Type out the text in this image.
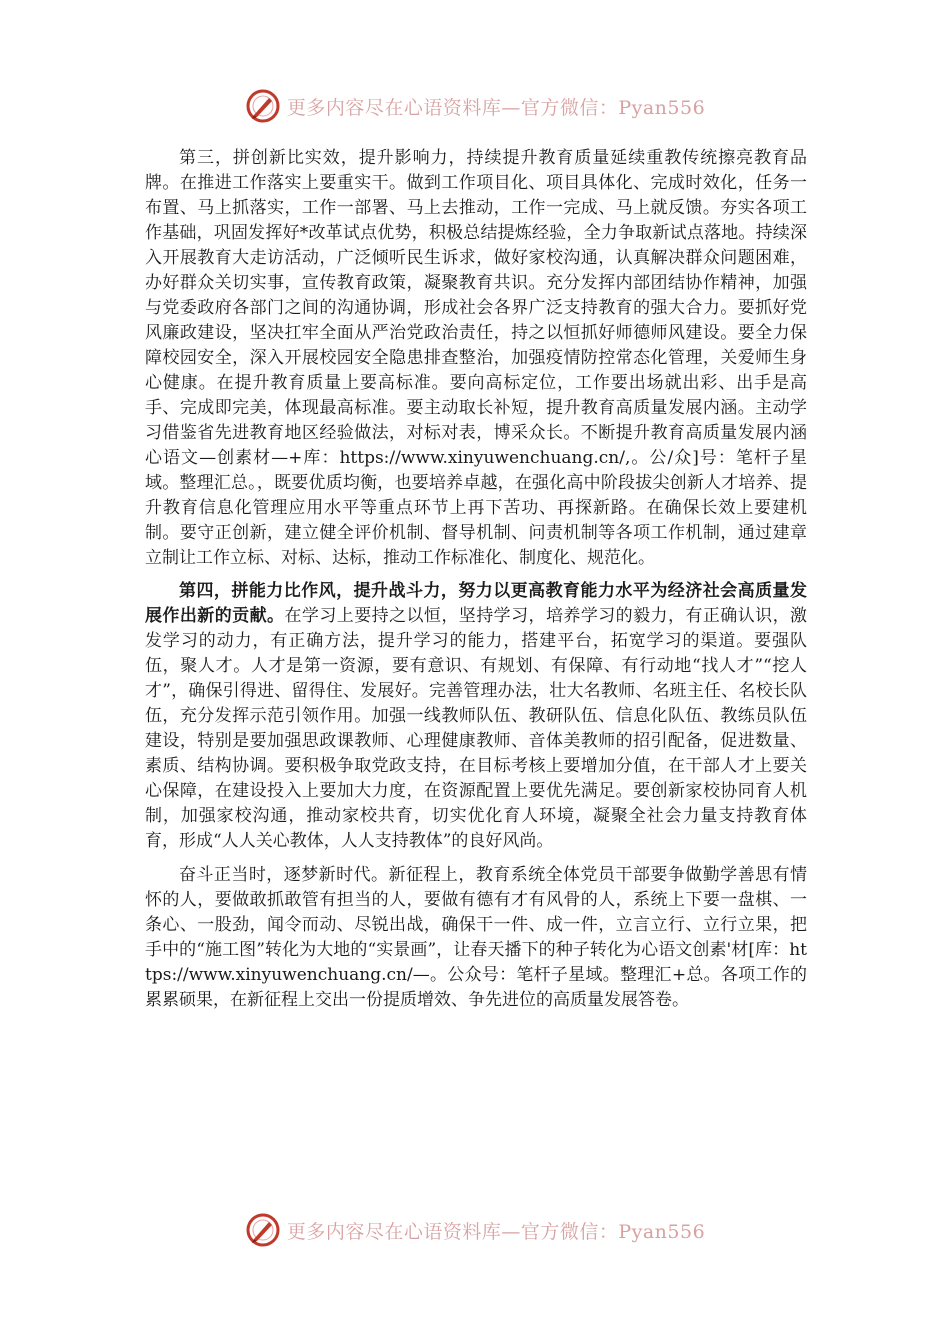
更多内容尽在心语资料库—官方微信：Pyan556

第三，拼创新比实效，提升影响力，持续提升教育质量延续重教传统擦亮教育品牌。在推进工作落实上要重实干。做到工作项目化、项目具体化、完成时效化，任务一布置、马上抓落实，工作一部署、马上去推动，工作一完成、马上就反馈。夯实各项工作基础，巩固发挥好*改革试点优势，积极总结提炼经验，全力争取新试点落地。持续深入开展教育大走访活动，广泛倾听民生诉求，做好家校沟通，认真解决群众问题困难，办好群众关切实事，宣传教育政策，凝聚教育共识。充分发挥内部团结协作精神，加强与党委政府各部门之间的沟通协调，形成社会各界广泛支持教育的强大合力。要抓好党风廉政建设，坚决扛牢全面从严治党政治责任，持之以恒抓好师德师风建设。要全力保障校园安全，深入开展校园安全隐患排查整治，加强疫情防控常态化管理，关爱师生身心健康。在提升教育质量上要高标准。要向高标定位，工作要出场就出彩、出手是高手、完成即完美，体现最高标准。要主动取长补短，提升教育高质量发展内涵。主动学习借鉴省先进教育地区经验做法，对标对表，博采众长。不断提升教育高质量发展内涵心语文—创素材—+库：https://www.xinyuwenchuang.cn/,。公/众]号：笔杆子星域。整理汇总。，既要优质均衡，也要培养卓越，在强化高中阶段拔尖创新人才培养、提升教育信息化管理应用水平等重点环节上再下苦功、再探新路。在确保长效上要建机制。要守正创新，建立健全评价机制、督导机制、问责机制等各项工作机制，通过建章立制让工作立标、对标、达标，推动工作标准化、制度化、规范化。

第四，拼能力比作风，提升战斗力，努力以更高教育能力水平为经济社会高质量发展作出新的贡献。在学习上要持之以恒，坚持学习，培养学习的毅力，有正确认识，激发学习的动力，有正确方法，提升学习的能力，搭建平台，拓宽学习的渠道。要强队伍，聚人才。人才是第一资源，要有意识、有规划、有保障、有行动地“找人才”“挖人才”，确保引得进、留得住、发展好。完善管理办法，壮大名教师、名班主任、名校长队伍，充分发挥示范引领作用。加强一线教师队伍、教研队伍、信息化队伍、教练员队伍建设，特别是要加强思政课教师、心理健康教师、音体美教师的招引配备，促进数量、素质、结构协调。要积极争取党政支持，在目标考核上要增加分值，在干部人才上要关心保障，在建设投入上要加大力度，在资源配置上要优先满足。要创新家校协同育人机制，加强家校沟通，推动家校共育，切实优化育人环境，凝聚全社会力量支持教育体育，形成“人人关心教体，人人支持教体”的良好风尚。

奋斗正当时，逐梦新时代。新征程上，教育系统全体党员干部要争做勤学善思有情怀的人，要做敢抓敢管有担当的人，要做有德有才有风骨的人，系统上下要一盘棋、一条心、一股劲，闻令而动、尽锐出战，确保干一件、成一件，立言立行、立行立果，把手中的“施工图”转化为大地的“实景画”，让春天播下的种子转化为心语文创素'材[库：https://www.xinyuwenchuang.cn/—。公众号：笔杆子星域。整理汇+总。各项工作的累累硕果，在新征程上交出一份提质增效、争先进位的高质量发展答卷。

更多内容尽在心语资料库—官方微信：Pyan556
